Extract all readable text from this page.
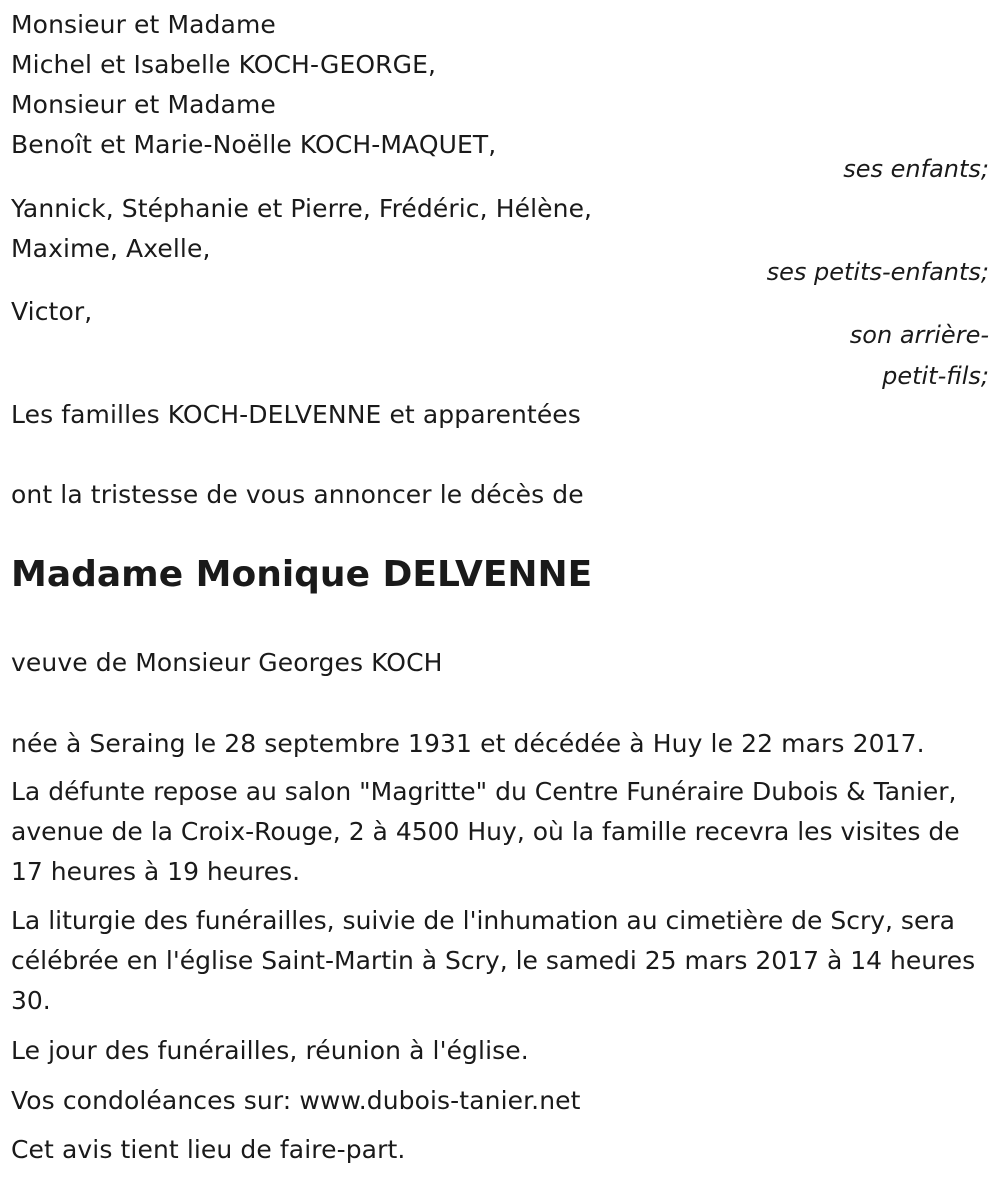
Monsieur et Madame
Michel et Isabelle KOCH-GEORGE,
Monsieur et Madame
Benoît et Marie-Noëlle KOCH-MAQUET,
ses enfants;
Yannick, Stéphanie et Pierre, Frédéric, Hélène,
Maxime, Axelle,
ses petits-enfants;
Victor,
son arrière-
petit-fils;
Les familles KOCH-DELVENNE et apparentées
ont la tristesse de vous annoncer le décès de
Madame Monique DELVENNE
veuve de Monsieur Georges KOCH
née à Seraing le 28 septembre 1931 et décédée à Huy le 22 mars 2017.
La défunte repose au salon "Magritte" du Centre Funéraire Dubois & Tanier, avenue de la Croix-Rouge, 2 à 4500 Huy, où la famille recevra les visites de 17 heures à 19 heures.
La liturgie des funérailles, suivie de l'inhumation au cimetière de Scry, sera célébrée en l'église Saint-Martin à Scry, le samedi 25 mars 2017 à 14 heures 30.
Le jour des funérailles, réunion à l'église.
Vos condoléances sur: www.dubois-tanier.net
Cet avis tient lieu de faire-part.
